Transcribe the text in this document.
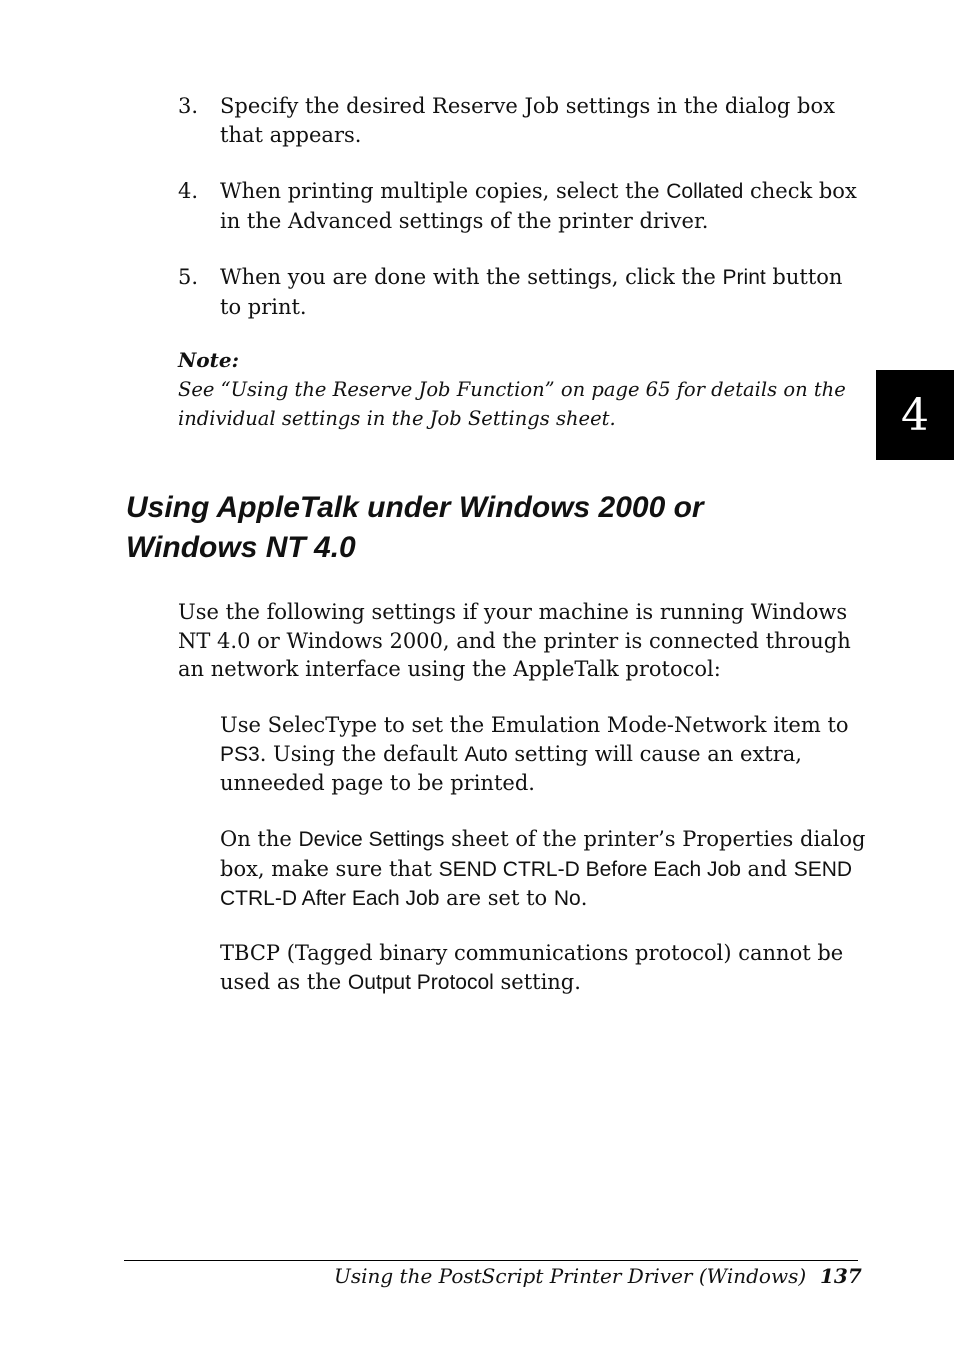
3. Specify the desired Reserve Job settings in the dialog box that appears.
4. When printing multiple copies, select the Collated check box in the Advanced settings of the printer driver.
5. When you are done with the settings, click the Print button to print.
Note:
See “Using the Reserve Job Function” on page 65 for details on the individual settings in the Job Settings sheet.	4
Using AppleTalk under Windows 2000 or Windows NT 4.0
Use the following settings if your machine is running Windows NT 4.0 or Windows 2000, and the printer is connected through an network interface using the AppleTalk protocol:
Use SelecType to set the Emulation Mode-Network item to PS3. Using the default Auto setting will cause an extra, unneeded page to be printed.
On the Device Settings sheet of the printer’s Properties dialog box, make sure that SEND CTRL-D Before Each Job and SEND CTRL-D After Each Job are set to No.
TBCP (Tagged binary communications protocol) cannot be used as the Output Protocol setting.
Using the PostScript Printer Driver (Windows) 137
